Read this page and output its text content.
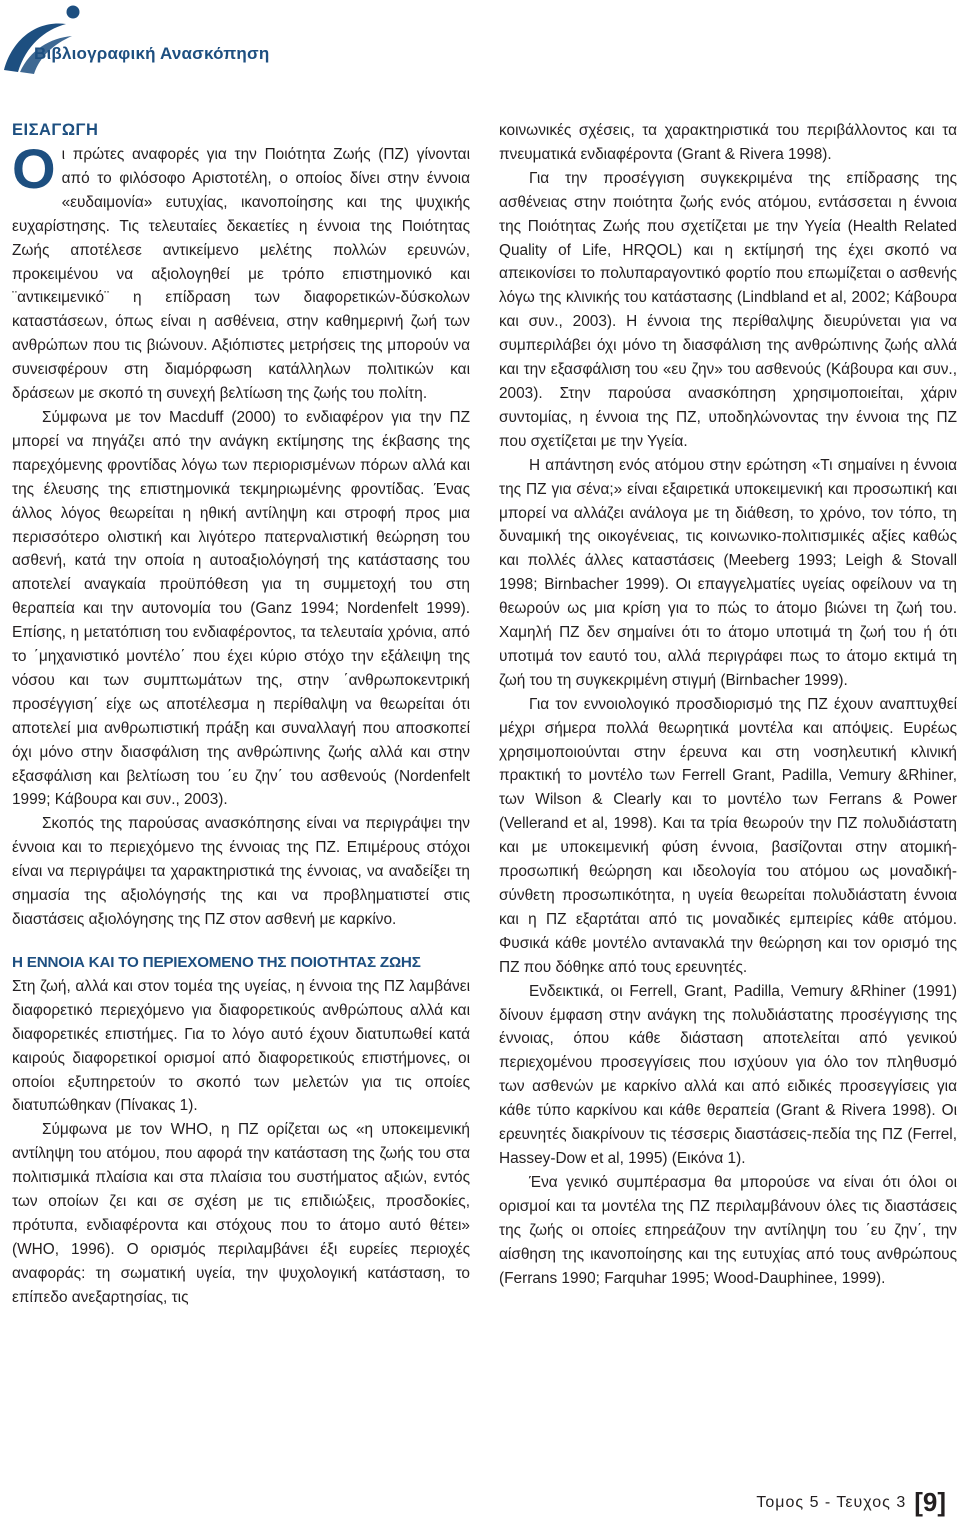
Βιβλιογραφική Ανασκόπηση
ΕΙΣΑΓΩΓΗ

Οι πρώτες αναφορές για την Ποιότητα Ζωής (ΠΖ) γίνονται από το φιλόσοφο Αριστοτέλη, ο οποίος δίνει στην έννοια «ευδαιμονία» ευτυχίας, ικανοποίησης και της ψυχικής ευχαρίστησης. Τις τελευταίες δεκαετίες η έννοια της Ποιότητας Ζωής αποτέλεσε αντικείμενο μελέτης πολλών ερευνών, προκειμένου να αξιολογηθεί με τρόπο επιστημονικό και ¨αντικειμενικό¨ η επίδραση των διαφορετικών-δύσκολων καταστάσεων, όπως είναι η ασθένεια, στην καθημερινή ζωή των ανθρώπων που τις βιώνουν. Αξιόπιστες μετρήσεις της μπορούν να συνεισφέρουν στη διαμόρφωση κατάλληλων πολιτικών και δράσεων με σκοπό τη συνεχή βελτίωση της ζωής του πολίτη.

Σύμφωνα με τον Macduff (2000) το ενδιαφέρον για την ΠΖ μπορεί να πηγάζει από την ανάγκη εκτίμησης της έκβασης της παρεχόμενης φροντίδας λόγω των περιορισμένων πόρων αλλά και της έλευσης της επιστημονικά τεκμηριωμένης φροντίδας. Ένας άλλος λόγος θεωρείται η ηθική αντίληψη και στροφή προς μια περισσότερο ολιστική και λιγότερο πατερναλιστική θεώρηση του ασθενή, κατά την οποία η αυτοαξιολόγησή της κατάστασης του αποτελεί αναγκαία προϋπόθεση για τη συμμετοχή του στη θεραπεία και την αυτονομία του (Ganz 1994; Nordenfelt 1999). Επίσης, η μετατόπιση του ενδιαφέροντος, τα τελευταία χρόνια, από το ΄μηχανιστικό μοντέλο΄ που έχει κύριο στόχο την εξάλειψη της νόσου και των συμπτωμάτων της, στην ΄ανθρωποκεντρική προσέγγιση΄ είχε ως αποτέλεσμα η περίθαλψη να θεωρείται ότι αποτελεί μια ανθρωπιστική πράξη και συναλλαγή που αποσκοπεί όχι μόνο στην διασφάλιση της ανθρώπινης ζωής αλλά και στην εξασφάλιση και βελτίωση του ΄ευ ζην΄ του ασθενούς (Nordenfelt 1999; Κάβουρα και συν., 2003).

Σκοπός της παρούσας ανασκόπησης είναι να περιγράψει την έννοια και το περιεχόμενο της έννοιας της ΠΖ. Επιμέρους στόχοι είναι να περιγράψει τα χαρακτηριστικά της έννοιας, να αναδείξει τη σημασία της αξιολόγησής της και να προβληματιστεί στις διαστάσεις αξιολόγησης της ΠΖ στον ασθενή με καρκίνο.

Η ΕΝΝΟΙΑ ΚΑΙ ΤΟ ΠΕΡΙΕΧΟΜΕΝΟ ΤΗΣ ΠΟΙΟΤΗΤΑΣ ΖΩΗΣ

Στη ζωή, αλλά και στον τομέα της υγείας, η έννοια της ΠΖ λαμβάνει διαφορετικό περιεχόμενο για διαφορετικούς ανθρώπους αλλά και διαφορετικές επιστήμες. Για το λόγο αυτό έχουν διατυπωθεί κατά καιρούς διαφορετικοί ορισμοί από διαφορετικούς επιστήμονες, οι οποίοι εξυπηρετούν το σκοπό των μελετών για τις οποίες διατυπώθηκαν (Πίνακας 1).

Σύμφωνα με τον WHO, η ΠΖ ορίζεται ως «η υποκειμενική αντίληψη του ατόμου, που αφορά την κατάσταση της ζωής του στα πολιτισμικά πλαίσια και στα πλαίσια του συστήματος αξιών, εντός των οποίων ζει και σε σχέση με τις επιδιώξεις, προσδοκίες, πρότυπα, ενδιαφέροντα και στόχους που το άτομο αυτό θέτει» (WHO, 1996). Ο ορισμός περιλαμβάνει έξι ευρείες περιοχές αναφοράς: τη σωματική υγεία, την ψυχολογική κατάσταση, το επίπεδο ανεξαρτησίας, τις

κοινωνικές σχέσεις, τα χαρακτηριστικά του περιβάλλοντος και τα πνευματικά ενδιαφέροντα (Grant & Rivera 1998).

Για την προσέγγιση συγκεκριμένα της επίδρασης της ασθένειας στην ποιότητα ζωής ενός ατόμου, εντάσσεται η έννοια της Ποιότητας Ζωής που σχετίζεται με την Υγεία (Health Related Quality of Life, HRQOL) και η εκτίμησή της έχει σκοπό να απεικονίσει το πολυπαραγοντικό φορτίο που επωμίζεται ο ασθενής λόγω της κλινικής του κατάστασης (Lindbland et al, 2002; Κάβουρα και συν., 2003). Η έννοια της περίθαλψης διευρύνεται για να συμπεριλάβει όχι μόνο τη διασφάλιση της ανθρώπινης ζωής αλλά και την εξασφάλιση του «ευ ζην» του ασθενούς (Κάβουρα και συν., 2003). Στην παρούσα ανασκόπηση χρησιμοποιείται, χάριν συντομίας, η έννοια της ΠΖ, υποδηλώνοντας την έννοια της ΠΖ που σχετίζεται με την Υγεία.

Η απάντηση ενός ατόμου στην ερώτηση «Τι σημαίνει η έννοια της ΠΖ για σένα;» είναι εξαιρετικά υποκειμενική και προσωπική και μπορεί να αλλάζει ανάλογα με τη διάθεση, το χρόνο, τον τόπο, τη δυναμική της οικογένειας, τις κοινωνικο-πολιτισμικές αξίες καθώς και πολλές άλλες καταστάσεις (Meeberg 1993; Leigh & Stovall 1998; Birnbacher 1999). Οι επαγγελματίες υγείας οφείλουν να τη θεωρούν ως μια κρίση για το πώς το άτομο βιώνει τη ζωή του. Χαμηλή ΠΖ δεν σημαίνει ότι το άτομο υποτιμά τη ζωή του ή ότι υποτιμά τον εαυτό του, αλλά περιγράφει πως το άτομο εκτιμά τη ζωή του τη συγκεκριμένη στιγμή (Birnbacher 1999).

Για τον εννοιολογικό προσδιορισμό της ΠΖ έχουν αναπτυχθεί μέχρι σήμερα πολλά θεωρητικά μοντέλα και απόψεις. Ευρέως χρησιμοποιούνται στην έρευνα και στη νοσηλευτική κλινική πρακτική το μοντέλο των Ferrell Grant, Padilla, Vemury &Rhiner, των Wilson & Clearly και το μοντέλο των Ferrans & Power (Vellerand et al, 1998). Και τα τρία θεωρούν την ΠΖ πολυδιάστατη και με υποκειμενική φύση έννοια, βασίζονται στην ατομική-προσωπική θεώρηση και ιδεολογία του ατόμου ως μοναδική-σύνθετη προσωπικότητα, η υγεία θεωρείται πολυδιάστατη έννοια και η ΠΖ εξαρτάται από τις μοναδικές εμπειρίες κάθε ατόμου. Φυσικά κάθε μοντέλο αντανακλά την θεώρηση και τον ορισμό της ΠΖ που δόθηκε από τους ερευνητές.

Ενδεικτικά, οι Ferrell, Grant, Padilla, Vemury &Rhiner (1991) δίνουν έμφαση στην ανάγκη της πολυδιάστατης προσέγγισης της έννοιας, όπου κάθε διάσταση αποτελείται από γενικού περιεχομένου προσεγγίσεις που ισχύουν για όλο τον πληθυσμό των ασθενών με καρκίνο αλλά και από ειδικές προσεγγίσεις για κάθε τύπο καρκίνου και κάθε θεραπεία (Grant & Rivera 1998). Οι ερευνητές διακρίνουν τις τέσσερις διαστάσεις-πεδία της ΠΖ (Ferrel, Hassey-Dow et al, 1995) (Εικόνα 1).

Ένα γενικό συμπέρασμα θα μπορούσε να είναι ότι όλοι οι ορισμοί και τα μοντέλα της ΠΖ περιλαμβάνουν όλες τις διαστάσεις της ζωής οι οποίες επηρεάζουν την αντίληψη του ΄ευ ζην΄, την αίσθηση της ικανοποίησης και της ευτυχίας από τους ανθρώπους (Ferrans 1990; Farquhar 1995; Wood-Dauphinee, 1999).

Τομος 5 - Τευχος 3 [9]
